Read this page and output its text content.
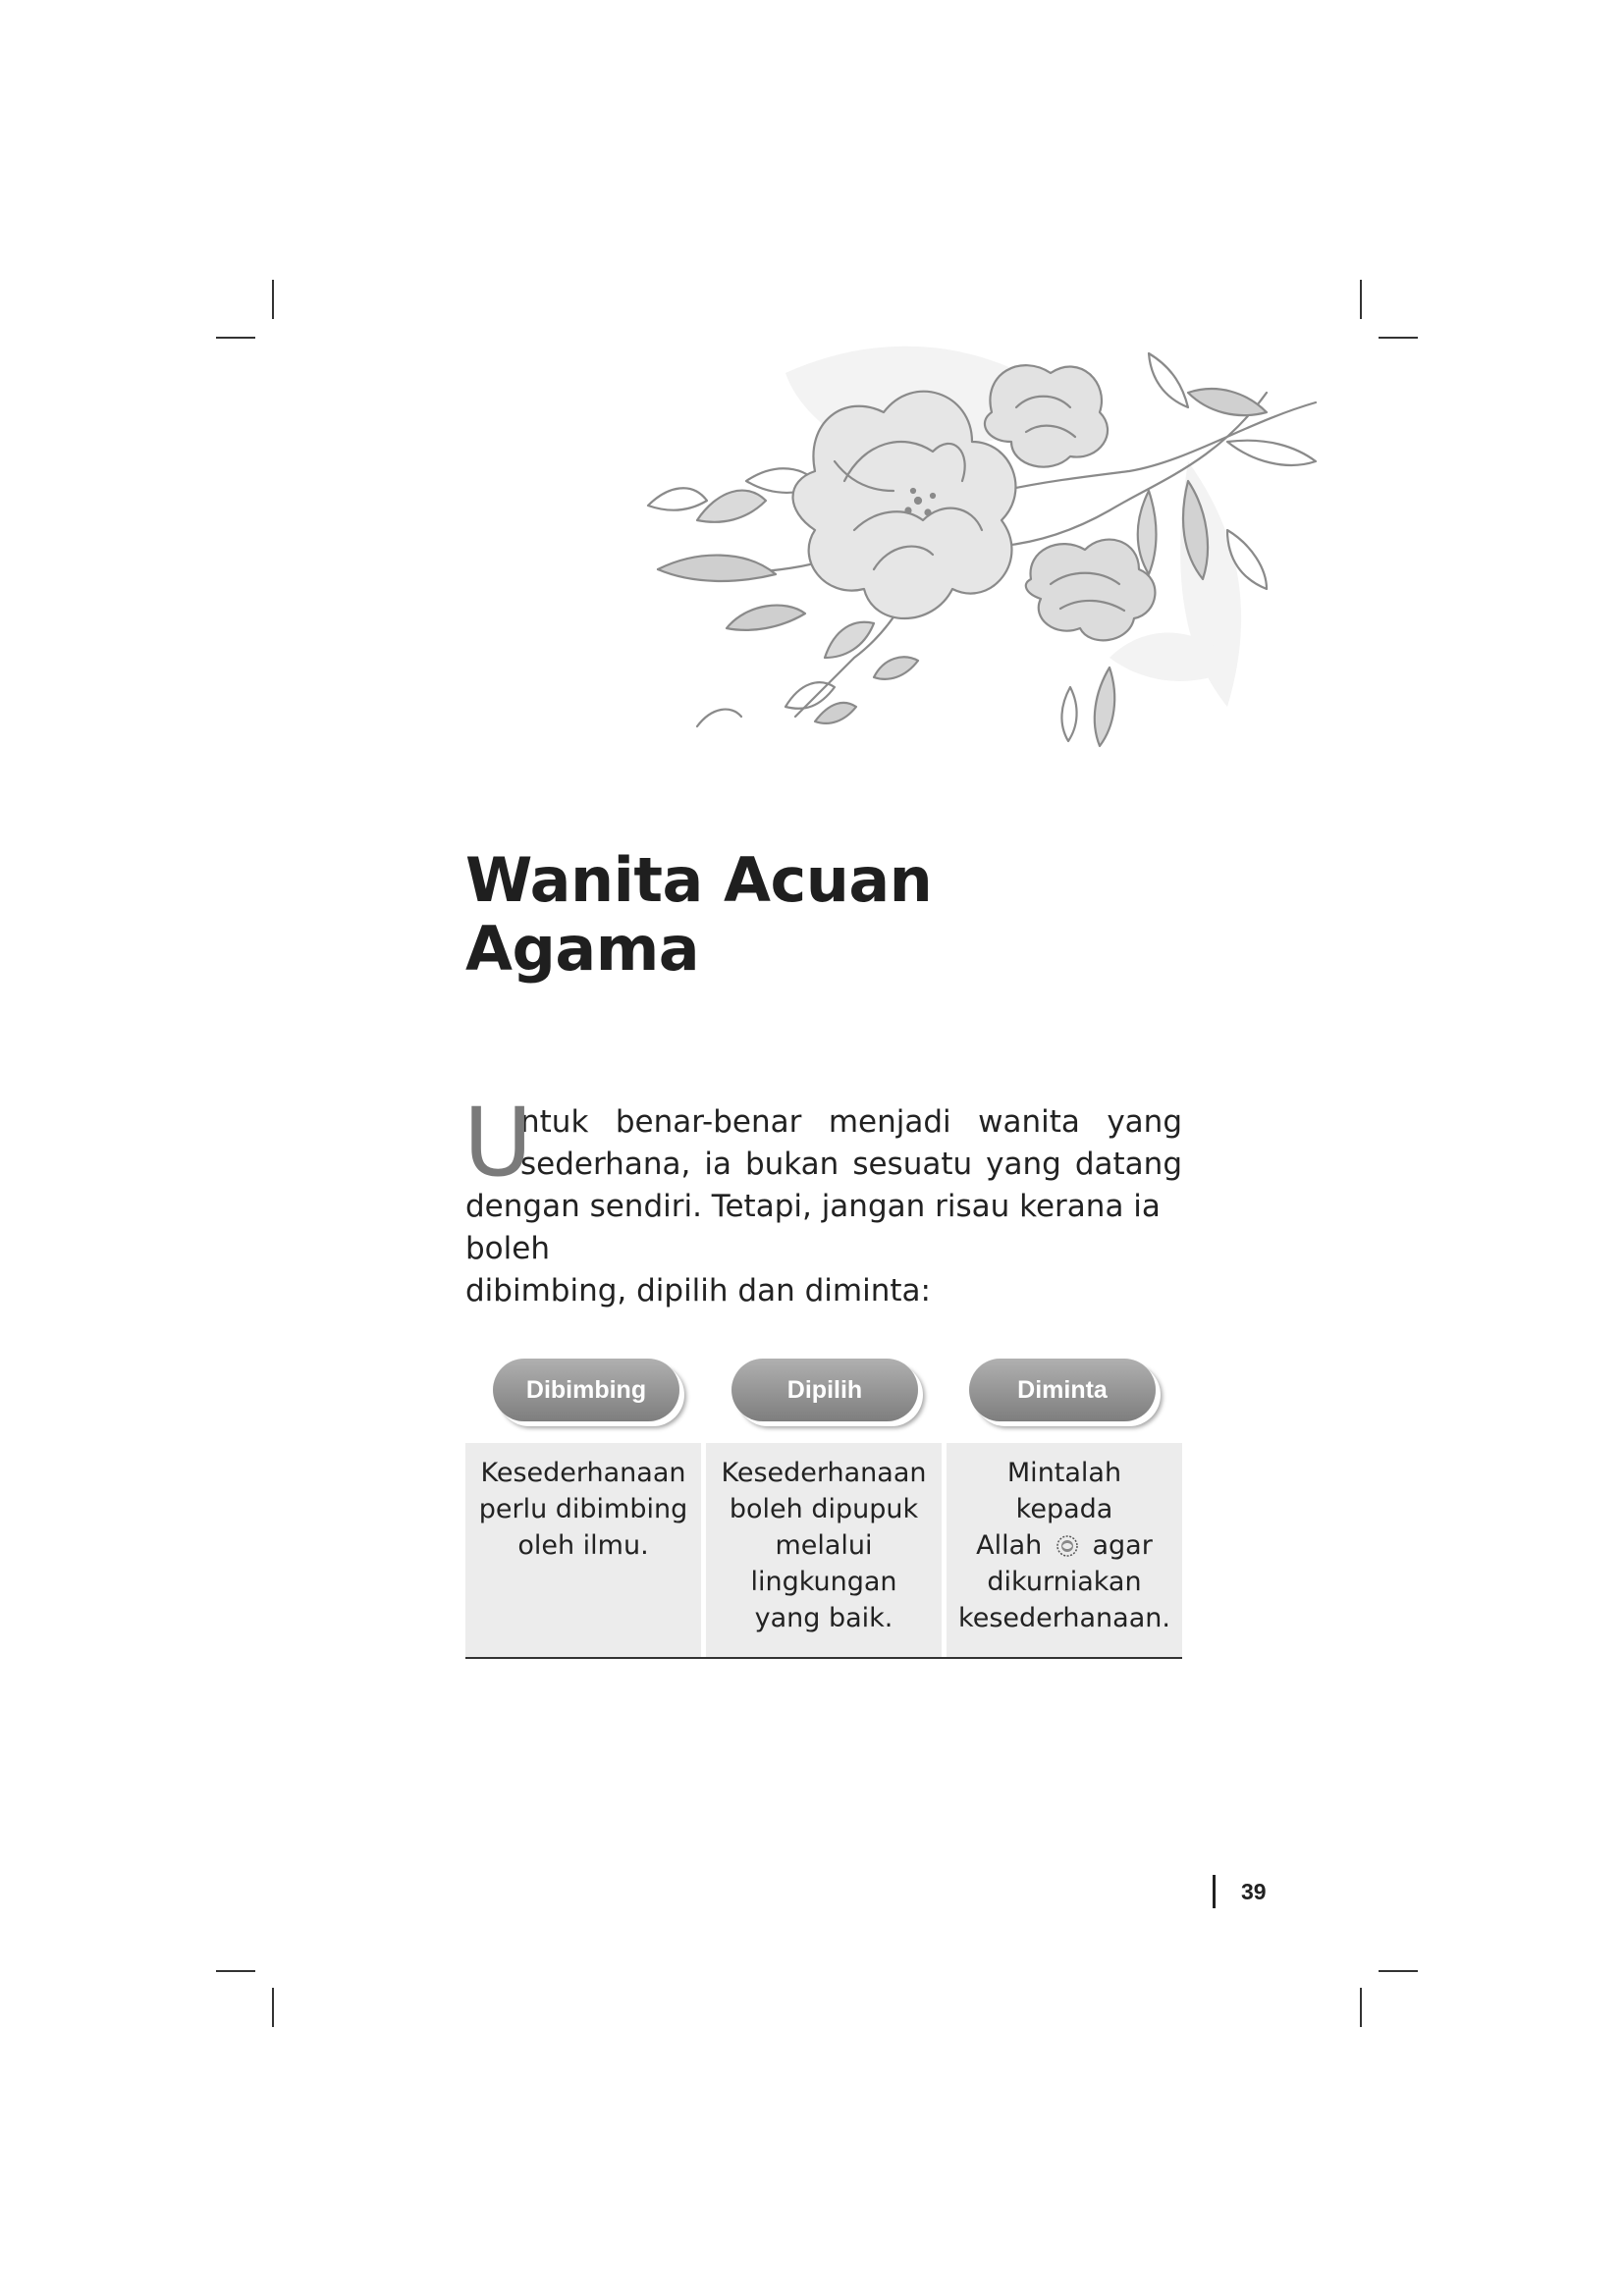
Wanita Acuan
Agama
U
ntuk benar-benar menjadi wanita yang
sederhana, ia bukan sesuatu yang datang
dengan sendiri. Tetapi, jangan risau kerana ia boleh
dibimbing, dipilih dan diminta:
Dibimbing	Dipilih	Diminta
Kesederhanaan
perlu dibimbing
oleh ilmu.
Kesederhanaan
boleh dipupuk
melalui
lingkungan
yang baik.
Mintalah
kepada
Allah agar
dikurniakan
kesederhanaan.
39
